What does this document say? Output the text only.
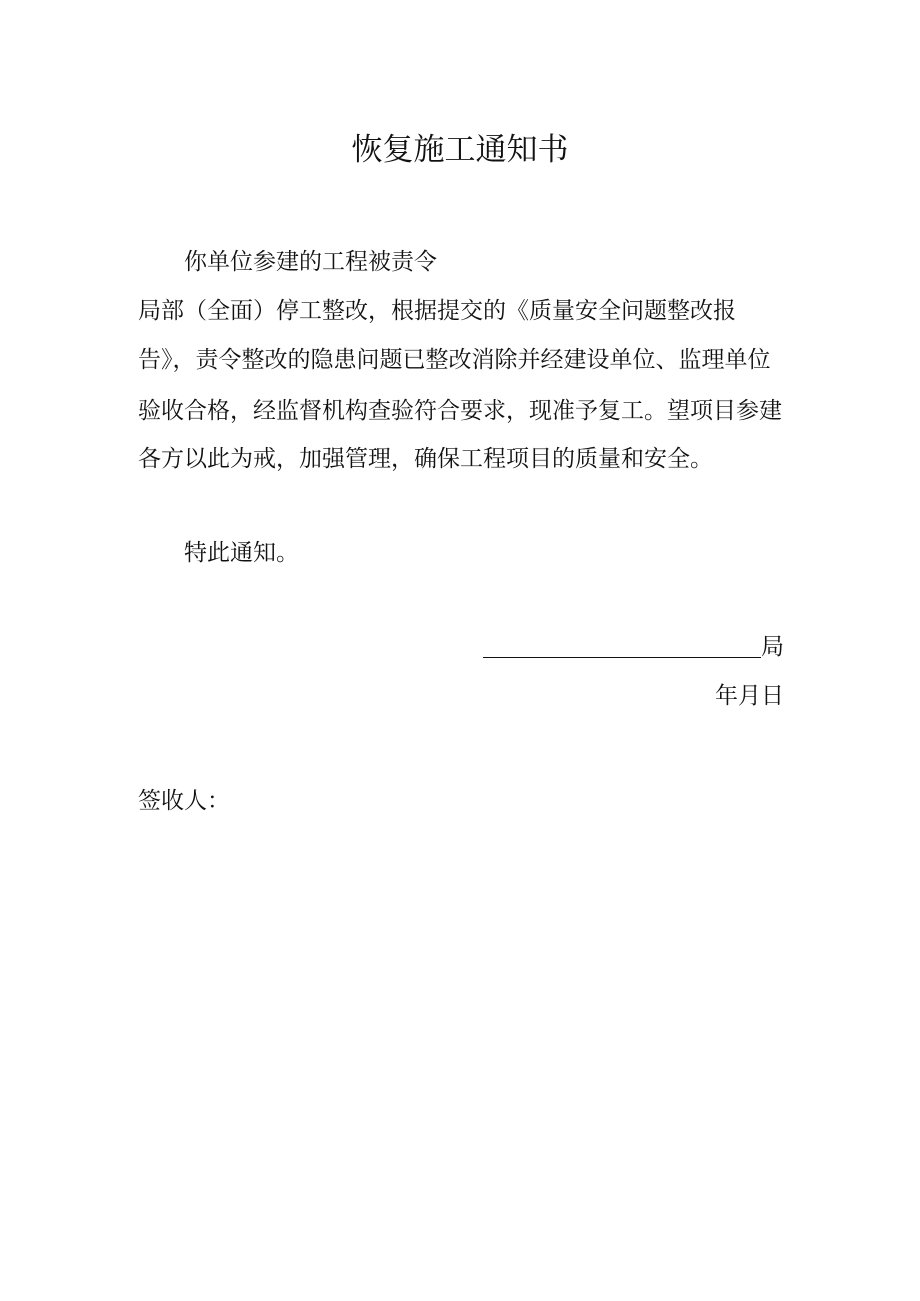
恢复施工通知书

你单位参建的工程被责令

局部（全面）停工整改，根据提交的《质量安全问题整改报

告》，责令整改的隐患问题已整改消除并经建设单位、监理单位

验收合格，经监督机构查验符合要求，现准予复工。望项目参建

各方以此为戒，加强管理，确保工程项目的质量和安全。

特此通知。

局
年月日
签收人：
